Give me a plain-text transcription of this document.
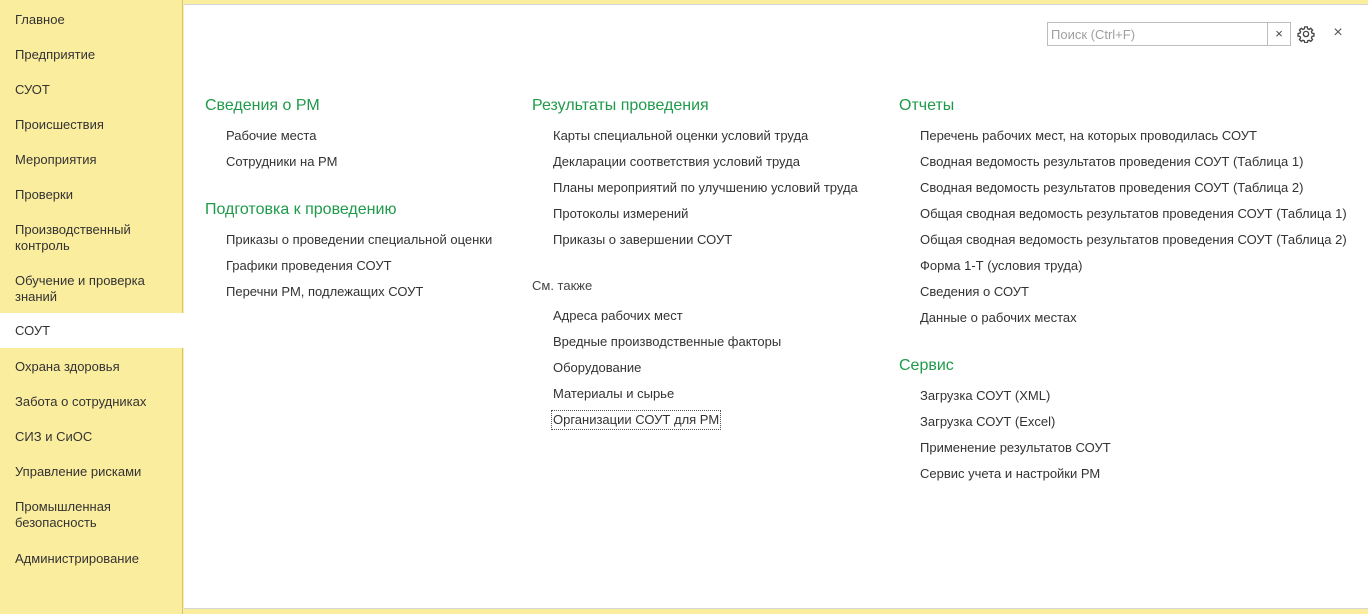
Главное
Предприятие
СУОТ
Происшествия
Мероприятия
Проверки
Производственный контроль
Обучение и проверка знаний
СОУТ
Охрана здоровья
Забота о сотрудниках
СИЗ и СиОС
Управление рисками
Промышленная безопасность
Администрирование
Поиск (Ctrl+F)
×	×
Сведения о РМ
Рабочие места
Сотрудники на РМ
Подготовка к проведению
Приказы о проведении специальной оценки
Графики проведения СОУТ
Перечни РМ, подлежащих СОУТ
Результаты проведения
Карты специальной оценки условий труда
Декларации соответствия условий труда
Планы мероприятий по улучшению условий труда
Протоколы измерений
Приказы о завершении СОУТ
См. также
Адреса рабочих мест
Вредные производственные факторы
Оборудование
Материалы и сырье
Организации СОУТ для РМ
Отчеты
Перечень рабочих мест, на которых проводилась СОУТ
Сводная ведомость результатов проведения СОУТ (Таблица 1)
Сводная ведомость результатов проведения СОУТ (Таблица 2)
Общая сводная ведомость результатов проведения СОУТ (Таблица 1)
Общая сводная ведомость результатов проведения СОУТ (Таблица 2)
Форма 1-Т (условия труда)
Сведения о СОУТ
Данные о рабочих местах
Сервис
Загрузка СОУТ (XML)
Загрузка СОУТ (Excel)
Применение результатов СОУТ
Сервис учета и настройки РМ
